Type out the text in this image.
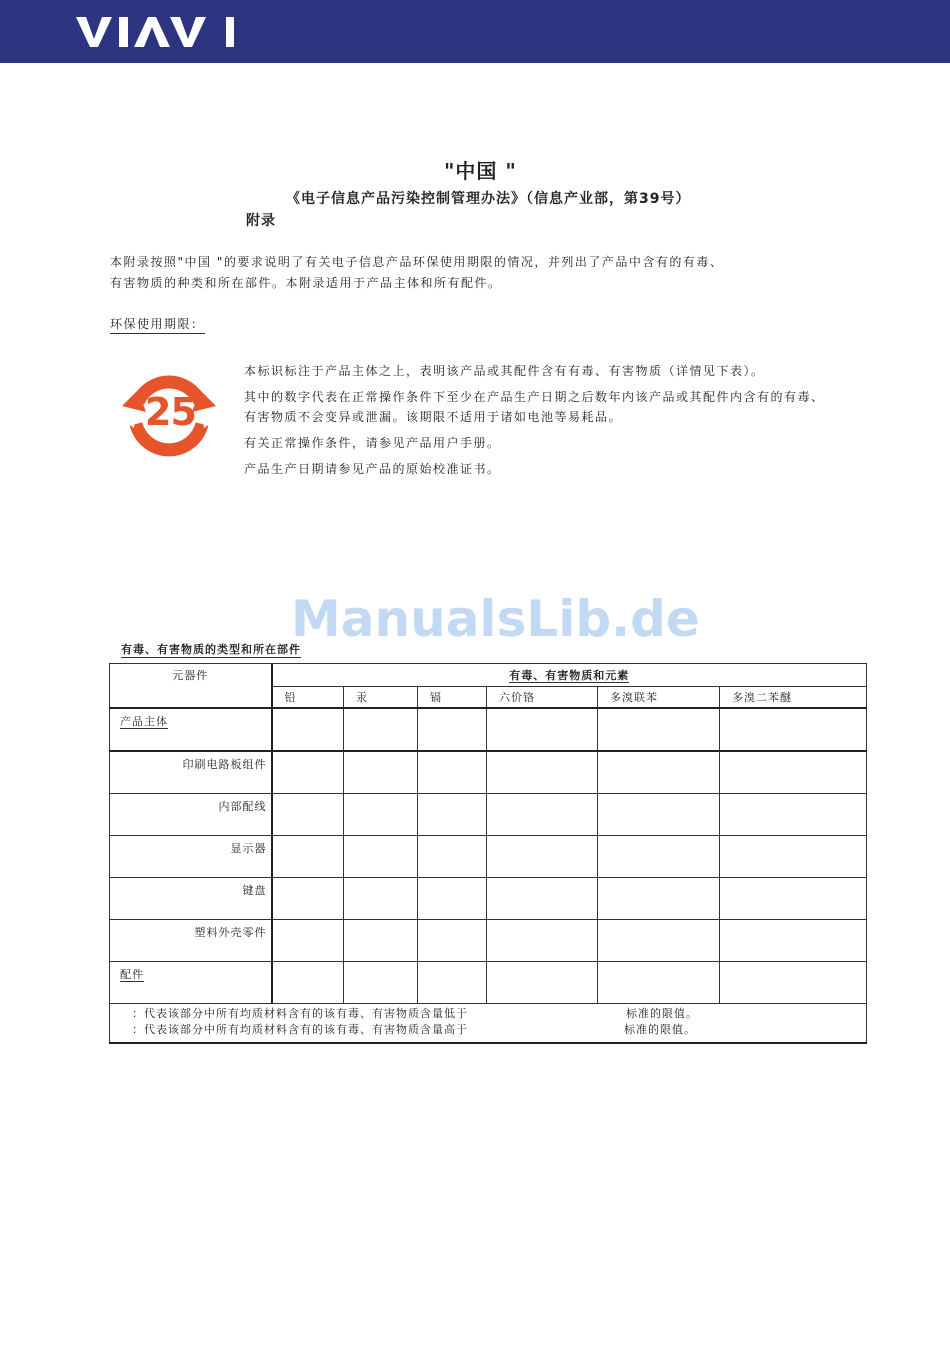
"中国 "
《电子信息产品污染控制管理办法》（信息产业部，第39号）
附录
本附录按照"中国 "的要求说明了有关电子信息产品环保使用期限的情况，并列出了产品中含有的有毒、
有害物质的种类和所在部件。本附录适用于产品主体和所有配件。
环保使用期限：
25
本标识标注于产品主体之上，表明该产品或其配件含有有毒、有害物质（详情见下表）。
其中的数字代表在正常操作条件下至少在产品生产日期之后数年内该产品或其配件内含有的有毒、
有害物质不会变异或泄漏。该期限不适用于诸如电池等易耗品。
有关正常操作条件，请参见产品用户手册。
产品生产日期请参见产品的原始校准证书。
ManualsLib.de
有毒、有害物质的类型和所在部件
元器件	有毒、有害物质和元素					
	铅	汞	镉	六价铬	多溴联苯	多溴二苯醚
产品主体						
印刷电路板组件						
内部配线						
显示器						
键盘						
塑料外壳零件						
配件						

：代表该部分中所有均质材料含有的该有毒、有害物质含量低于 标准的限值。
：代表该部分中所有均质材料含有的该有毒、有害物质含量高于 标准的限值。						
